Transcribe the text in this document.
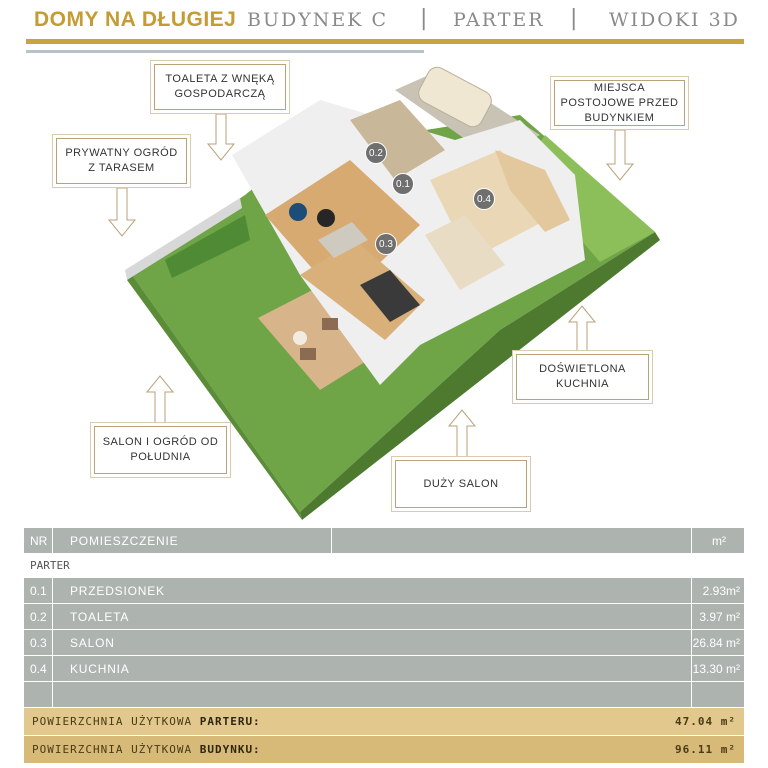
DOMY NA DŁUGIEJ BUDYNEK C | PARTER | WIDOKI 3D
TOALETA Z WNĘKĄ GOSPODARCZĄ
PRYWATNY OGRÓD Z TARASEM
MIEJSCA POSTOJOWE PRZED BUDYNKIEM
DOŚWIETLONA KUCHNIA
SALON I OGRÓD OD POŁUDNIA
DUŻY SALON
0.2
0.1
0.4
0.3
NR POMIESZCZENIE	m²
PARTER
0.1 PRZEDSIONEK	2.93m²
0.2 TOALETA	3.97 m²
0.3 SALON	26.84 m²
0.4 KUCHNIA	13.30 m²
POWIERZCHNIA UŻYTKOWA PARTERU:	47.04 m²
POWIERZCHNIA UŻYTKOWA BUDYNKU:	96.11 m²
